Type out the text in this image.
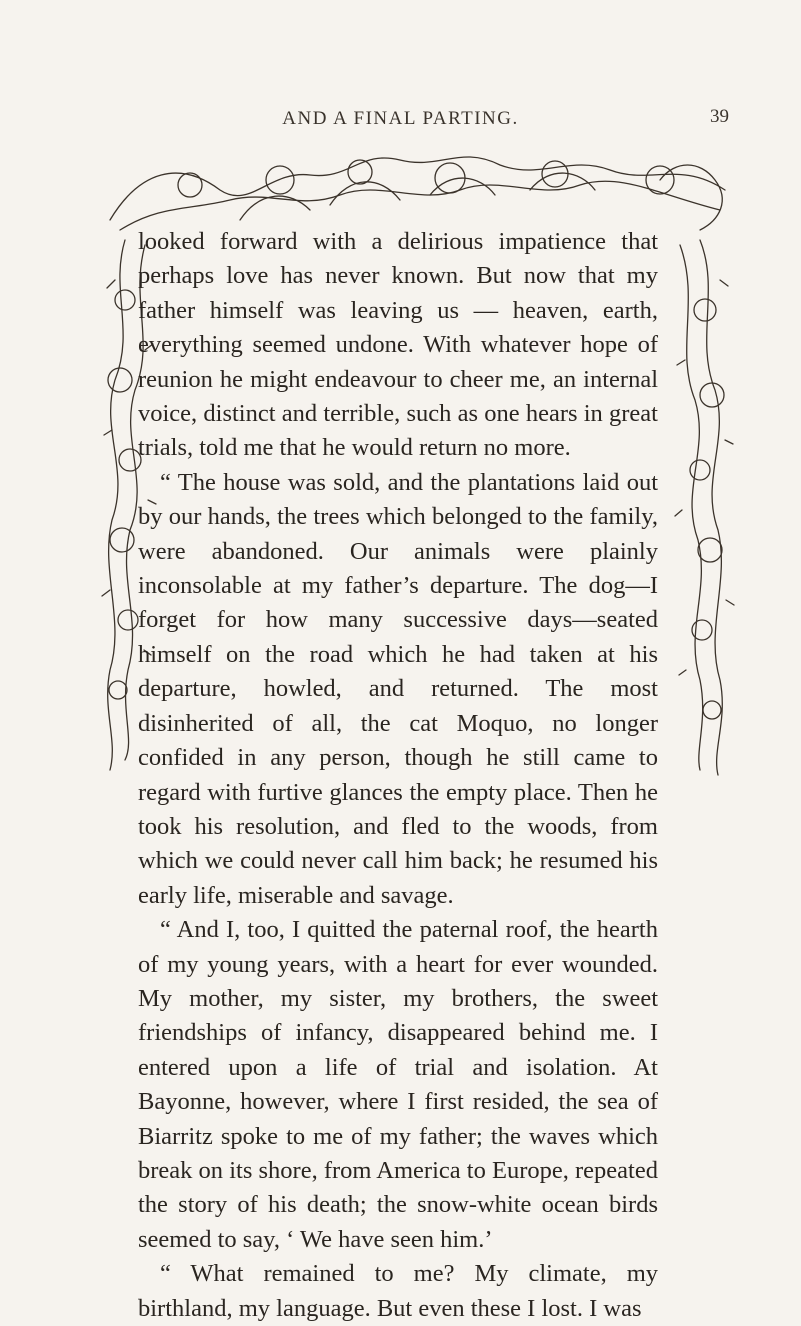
AND A FINAL PARTING.	39

looked forward with a delirious impatience that perhaps love has never known. But now that my father himself was leaving us — heaven, earth, everything seemed undone. With whatever hope of reunion he might endeavour to cheer me, an internal voice, distinct and terrible, such as one hears in great trials, told me that he would return no more.

“ The house was sold, and the plantations laid out by our hands, the trees which belonged to the family, were abandoned. Our animals were plainly inconsolable at my father’s departure. The dog—I forget for how many successive days—seated himself on the road which he had taken at his departure, howled, and returned. The most disinherited of all, the cat Moquo, no longer confided in any person, though he still came to regard with furtive glances the empty place. Then he took his resolution, and fled to the woods, from which we could never call him back; he resumed his early life, miserable and savage.

“ And I, too, I quitted the paternal roof, the hearth of my young years, with a heart for ever wounded. My mother, my sister, my brothers, the sweet friendships of infancy, disappeared behind me. I entered upon a life of trial and isolation. At Bayonne, however, where I first resided, the sea of Biarritz spoke to me of my father; the waves which break on its shore, from America to Europe, repeated the story of his death; the snow-white ocean birds seemed to say, ‘ We have seen him.’

“ What remained to me? My climate, my birthland, my language. But even these I lost. I was
